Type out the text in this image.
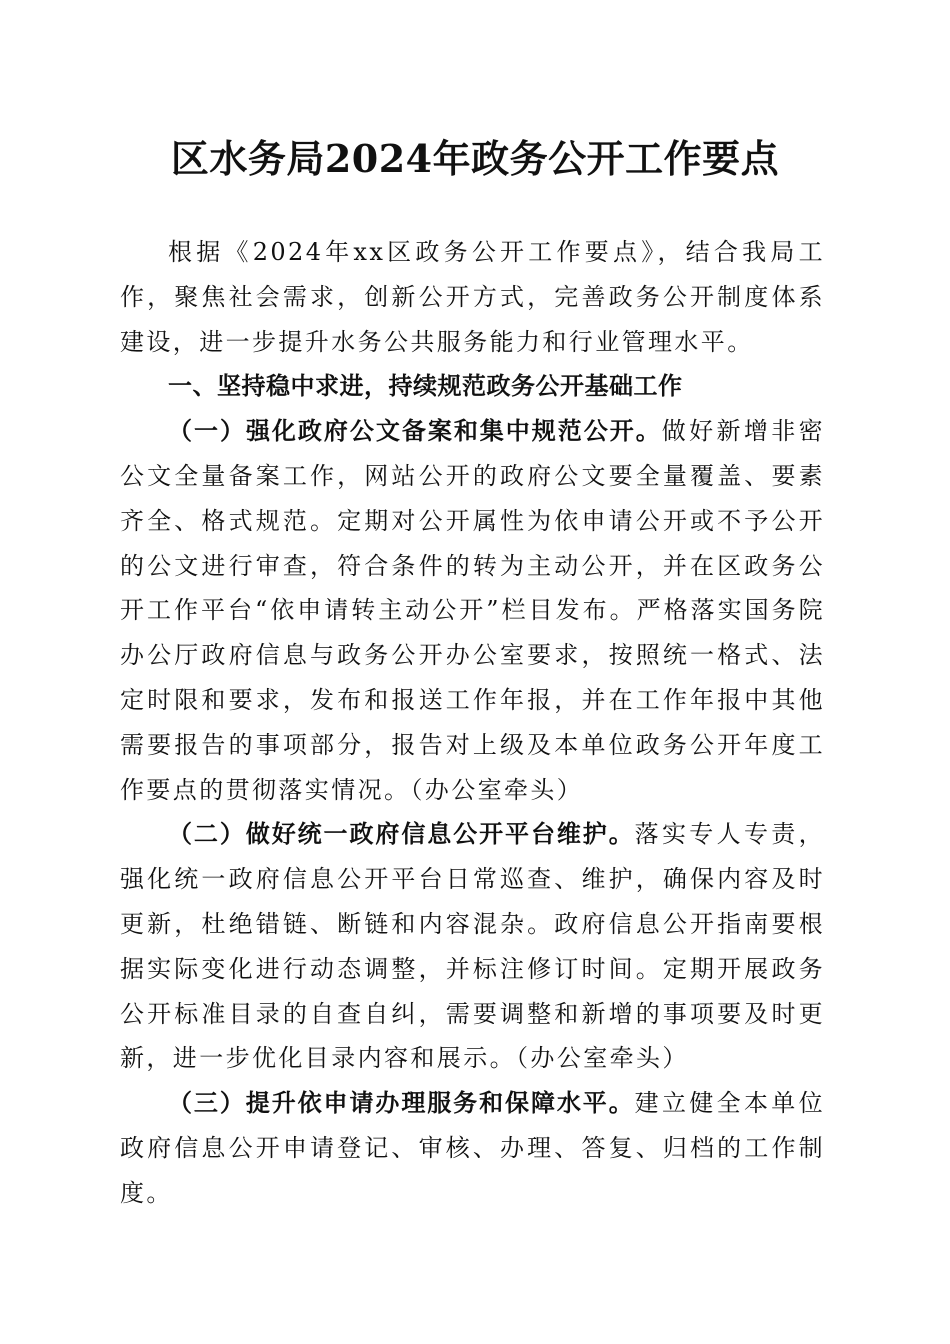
区水务局2024年政务公开工作要点

根据《2024年xx区政务公开工作要点》，结合我局工作，聚焦社会需求，创新公开方式，完善政务公开制度体系建设，进一步提升水务公共服务能力和行业管理水平。

一、坚持稳中求进，持续规范政务公开基础工作

（一）强化政府公文备案和集中规范公开。做好新增非密公文全量备案工作，网站公开的政府公文要全量覆盖、要素齐全、格式规范。定期对公开属性为依申请公开或不予公开的公文进行审查，符合条件的转为主动公开，并在区政务公开工作平台“依申请转主动公开”栏目发布。严格落实国务院办公厅政府信息与政务公开办公室要求，按照统一格式、法定时限和要求，发布和报送工作年报，并在工作年报中其他需要报告的事项部分，报告对上级及本单位政务公开年度工作要点的贯彻落实情况。（办公室牵头）

（二）做好统一政府信息公开平台维护。落实专人专责，强化统一政府信息公开平台日常巡查、维护，确保内容及时更新，杜绝错链、断链和内容混杂。政府信息公开指南要根据实际变化进行动态调整，并标注修订时间。定期开展政务公开标准目录的自查自纠，需要调整和新增的事项要及时更新，进一步优化目录内容和展示。（办公室牵头）

（三）提升依申请办理服务和保障水平。建立健全本单位政府信息公开申请登记、审核、办理、答复、归档的工作制度。
